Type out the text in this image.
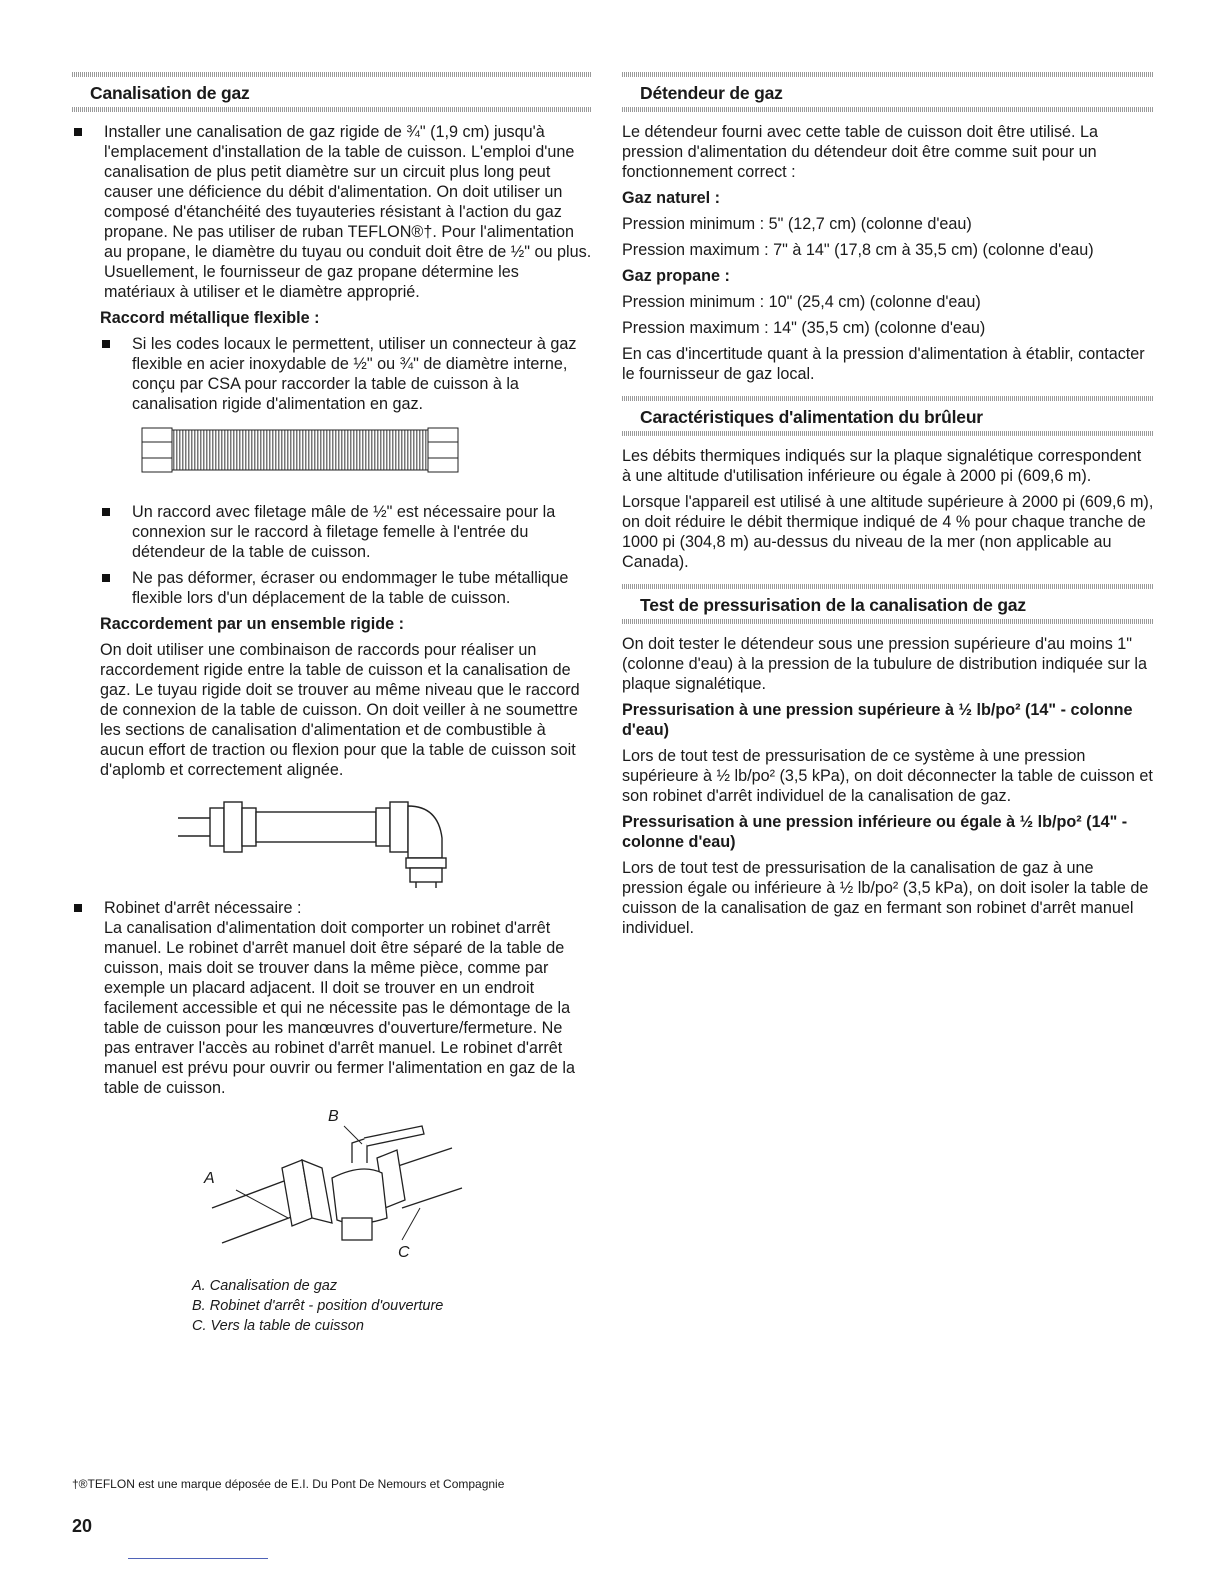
Canalisation de gaz
Installer une canalisation de gaz rigide de ¾" (1,9 cm) jusqu'à l'emplacement d'installation de la table de cuisson. L'emploi d'une canalisation de plus petit diamètre sur un circuit plus long peut causer une déficience du débit d'alimentation. On doit utiliser un composé d'étanchéité des tuyauteries résistant à l'action du gaz propane. Ne pas utiliser de ruban TEFLON®†. Pour l'alimentation au propane, le diamètre du tuyau ou conduit doit être de ½" ou plus. Usuellement, le fournisseur de gaz propane détermine les matériaux à utiliser et le diamètre approprié.
Raccord métallique flexible :
Si les codes locaux le permettent, utiliser un connecteur à gaz flexible en acier inoxydable de ½" ou ¾" de diamètre interne, conçu par CSA pour raccorder la table de cuisson à la canalisation rigide d'alimentation en gaz.
Un raccord avec filetage mâle de ½" est nécessaire pour la connexion sur le raccord à filetage femelle à l'entrée du détendeur de la table de cuisson.
Ne pas déformer, écraser ou endommager le tube métallique flexible lors d'un déplacement de la table de cuisson.
Raccordement par un ensemble rigide :

On doit utiliser une combinaison de raccords pour réaliser un raccordement rigide entre la table de cuisson et la canalisation de gaz. Le tuyau rigide doit se trouver au même niveau que le raccord de connexion de la table de cuisson. On doit veiller à ne soumettre les sections de canalisation d'alimentation et de combustible à aucun effort de traction ou flexion pour que la table de cuisson soit d'aplomb et correctement alignée.

Robinet d'arrêt nécessaire :
La canalisation d'alimentation doit comporter un robinet d'arrêt manuel. Le robinet d'arrêt manuel doit être séparé de la table de cuisson, mais doit se trouver dans la même pièce, comme par exemple un placard adjacent. Il doit se trouver en un endroit facilement accessible et qui ne nécessite pas le démontage de la table de cuisson pour les manœuvres d'ouverture/fermeture. Ne pas entraver l'accès au robinet d'arrêt manuel. Le robinet d'arrêt manuel est prévu pour ouvrir ou fermer l'alimentation en gaz de la table de cuisson.
A
B
C
A. Canalisation de gaz
B. Robinet d'arrêt - position d'ouverture
C. Vers la table de cuisson
Détendeur de gaz

Le détendeur fourni avec cette table de cuisson doit être utilisé. La pression d'alimentation du détendeur doit être comme suit pour un fonctionnement correct :

Gaz naturel :

Pression minimum : 5" (12,7 cm) (colonne d'eau)

Pression maximum : 7" à 14" (17,8 cm à 35,5 cm) (colonne d'eau)

Gaz propane :

Pression minimum : 10" (25,4 cm) (colonne d'eau)

Pression maximum : 14" (35,5 cm) (colonne d'eau)

En cas d'incertitude quant à la pression d'alimentation à établir, contacter le fournisseur de gaz local.

Caractéristiques d'alimentation du brûleur

Les débits thermiques indiqués sur la plaque signalétique correspondent à une altitude d'utilisation inférieure ou égale à 2000 pi (609,6 m).

Lorsque l'appareil est utilisé à une altitude supérieure à 2000 pi (609,6 m), on doit réduire le débit thermique indiqué de 4 % pour chaque tranche de 1000 pi (304,8 m) au-dessus du niveau de la mer (non applicable au Canada).

Test de pressurisation de la canalisation de gaz

On doit tester le détendeur sous une pression supérieure d'au moins 1" (colonne d'eau) à la pression de la tubulure de distribution indiquée sur la plaque signalétique.

Pressurisation à une pression supérieure à ½ lb/po² (14" - colonne d'eau)

Lors de tout test de pressurisation de ce système à une pression supérieure à ½ lb/po² (3,5 kPa), on doit déconnecter la table de cuisson et son robinet d'arrêt individuel de la canalisation de gaz.

Pressurisation à une pression inférieure ou égale à ½ lb/po² (14" - colonne d'eau)

Lors de tout test de pressurisation de la canalisation de gaz à une pression égale ou inférieure à ½ lb/po² (3,5 kPa), on doit isoler la table de cuisson de la canalisation de gaz en fermant son robinet d'arrêt manuel individuel.

†®TEFLON est une marque déposée de E.I. Du Pont De Nemours et Compagnie
20
